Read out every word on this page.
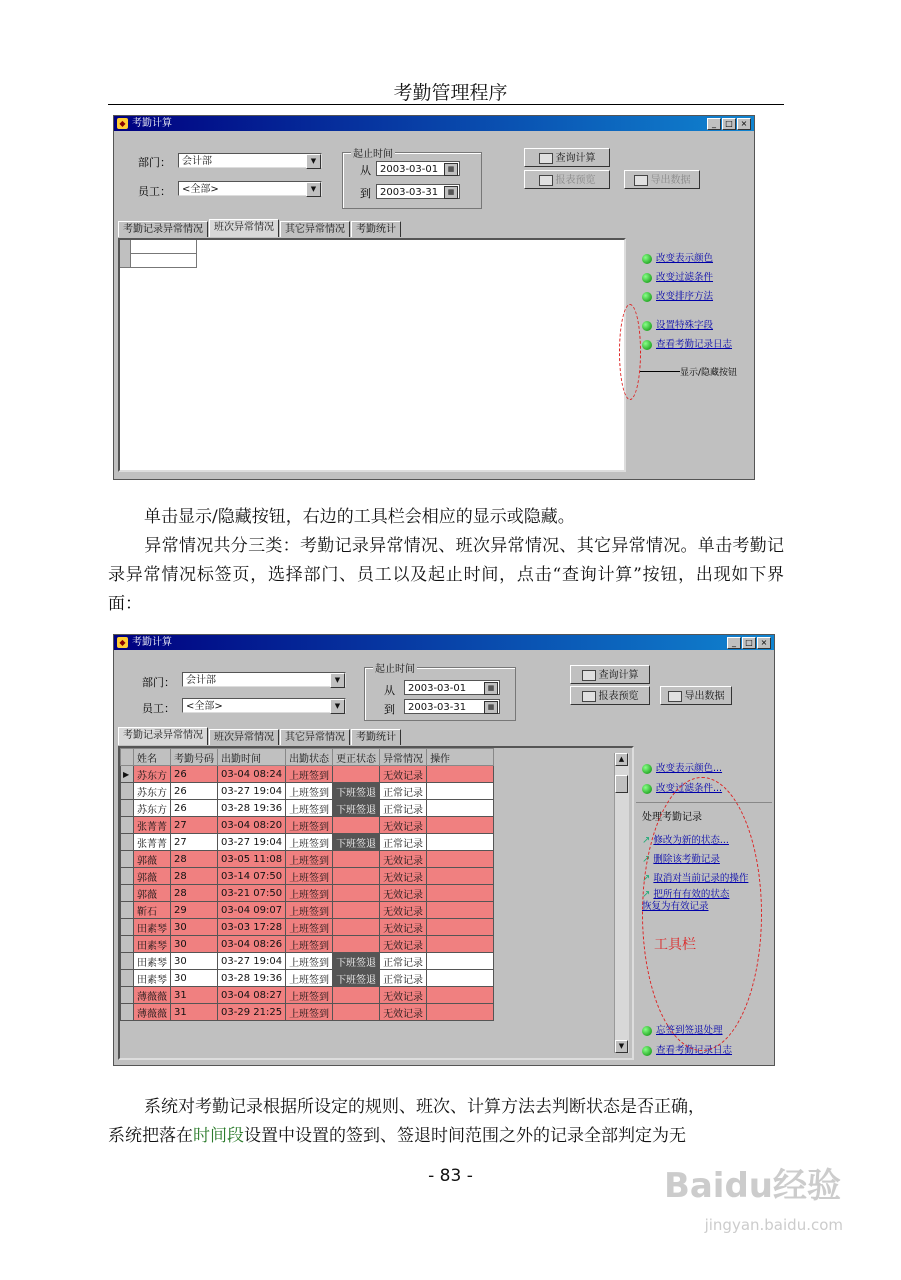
考勤管理程序
◆ 考勤计算	_	□ ×
部门：	会计部	▼
员工：	<全部>	▼
起止时间
从 2003-03-01	▦
到 2003-03-31	▦
查询计算
报表预览	导出数据
考勤记录异常情况	班次异常情况	其它异常情况	考勤统计
改变表示颜色
改变过滤条件
改变排序方法
设置特殊字段
查看考勤记录日志
显示/隐藏按钮
单击显示/隐藏按钮，右边的工具栏会相应的显示或隐藏。
异常情况共分三类：考勤记录异常情况、班次异常情况、其它异常情况。单击考勤记录异常情况标签页，选择部门、员工以及起止时间，点击“查询计算”按钮，出现如下界面：
◆ 考勤计算	_	□ ×
部门：	会计部	▼
员工：	<全部>	▼
起止时间
从	2003-03-01	▦
到	2003-03-31	▦
查询计算
报表预览	导出数据
考勤记录异常情况	班次异常情况	其它异常情况	考勤统计
	姓名	考勤号码	出勤时间	出勤状态	更正状态	异常情况	操作
▶	苏东方	26	03-04 08:24	上班签到		无效记录	
	苏东方	26	03-27 19:04	上班签到	下班签退	正常记录	
	苏东方	26	03-28 19:36	上班签到	下班签退	正常记录	
	张菁菁	27	03-04 08:20	上班签到		无效记录	
	张菁菁	27	03-27 19:04	上班签到	下班签退	正常记录	
	郭薇	28	03-05 11:08	上班签到		无效记录	
	郭薇	28	03-14 07:50	上班签到		无效记录	
	郭薇	28	03-21 07:50	上班签到		无效记录	
	靳石	29	03-04 09:07	上班签到		无效记录	
	田素琴	30	03-03 17:28	上班签到		无效记录	
	田素琴	30	03-04 08:26	上班签到		无效记录	
	田素琴	30	03-27 19:04	上班签到	下班签退	正常记录	
	田素琴	30	03-28 19:36	上班签到	下班签退	正常记录	
	薄薇薇	31	03-04 08:27	上班签到		无效记录	
	薄薇薇	31	03-29 21:25	上班签到		无效记录	
▲
▼
改变表示颜色...
改变过滤条件...
处理考勤记录
↗ 修改为新的状态...
↗ 删除该考勤记录
↗ 取消对当前记录的操作
↗ 把所有有效的状态恢复为有效记录
工具栏
忘签到签退处理
查看考勤记录日志
系统对考勤记录根据所设定的规则、班次、计算方法去判断状态是否正确，
系统把落在时间段设置中设置的签到、签退时间范围之外的记录全部判定为无
- 83 -	Baidu经验
jingyan.baidu.com
